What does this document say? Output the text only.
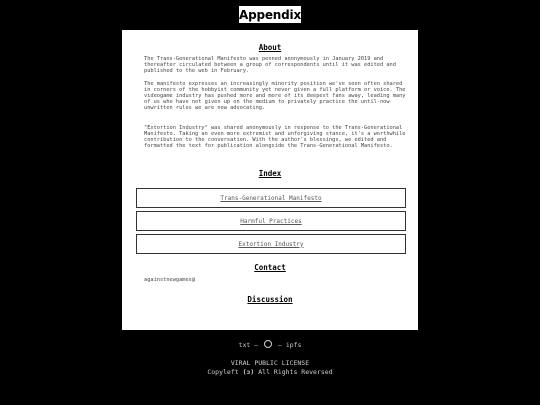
Appendix
About

The Trans-Generational Manifesto was penned anonymously in January 2019 and thereafter circulated between a group of correspondents until it was edited and published to the web in February.

The manifesto expresses an increasingly minority position we've seen often shared in corners of the hobbyist community yet never given a full platform or voice. The videogame industry has pushed more and more of its deepest fans away, leading many of us who have not given up on the medium to privately practice the until-now unwritten rules we are now advocating.

"Extortion Industry" was shared anonymously in response to the Trans-Generational Manifesto. Taking an even more extremist and unforgiving stance, it's a worthwhile contribution to the conversation. With the author's blessings, we edited and formatted the text for publication alongside the Trans-Generational Manifesto.

Index
Trans-Generational Manifesto
Harmful Practices
Extortion Industry
Contact
againstnewgames@
Discussion
txt —	— ipfs
VIRAL PUBLIC LICENSE
Copyleft (ɔ) All Rights Reversed
